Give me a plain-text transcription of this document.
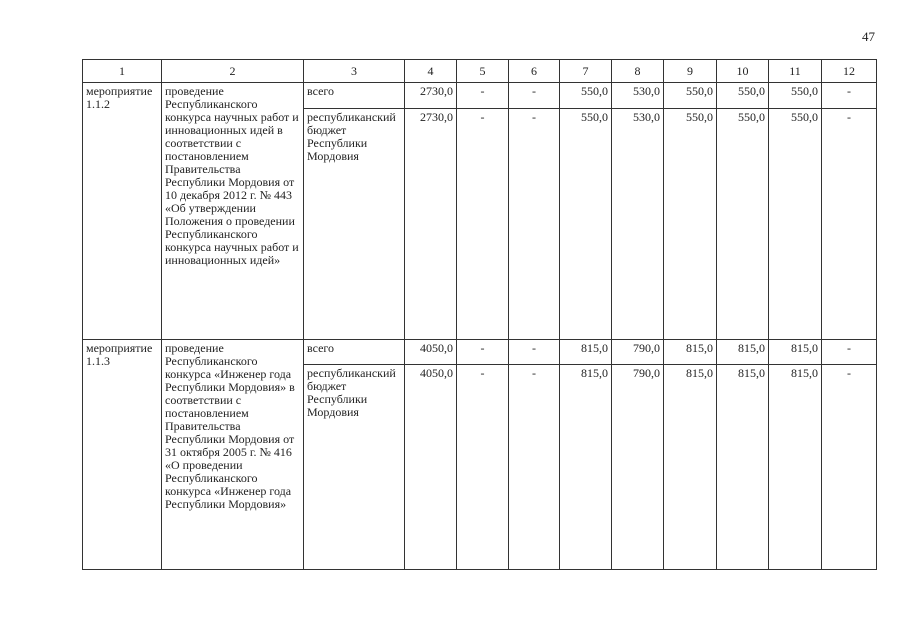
47
1	2	3	4	5	6	7	8	9	10	11	12
мероприятие 1.1.2	проведение Республиканского конкурса научных работ и инновационных идей в соответствии с постановлением Правительства Республики Мордовия от 10 декабря 2012 г. № 443 «Об утверждении Положения о проведении Республиканского конкурса научных работ и инновационных идей»	всего	2730,0	-	-	550,0	530,0	550,0	550,0	550,0	-
		республиканский бюджет Республики Мордовия	2730,0	-	-	550,0	530,0	550,0	550,0	550,0	-
мероприятие 1.1.3	проведение Республиканского конкурса «Инженер года Республики Мордовия» в соответствии с постановлением Правительства Республики Мордовия от 31 октября 2005 г. № 416 «О проведении Республиканского конкурса «Инженер года Республики Мордовия»	всего	4050,0	-	-	815,0	790,0	815,0	815,0	815,0	-
		республиканский бюджет Республики Мордовия	4050,0	-	-	815,0	790,0	815,0	815,0	815,0	-
